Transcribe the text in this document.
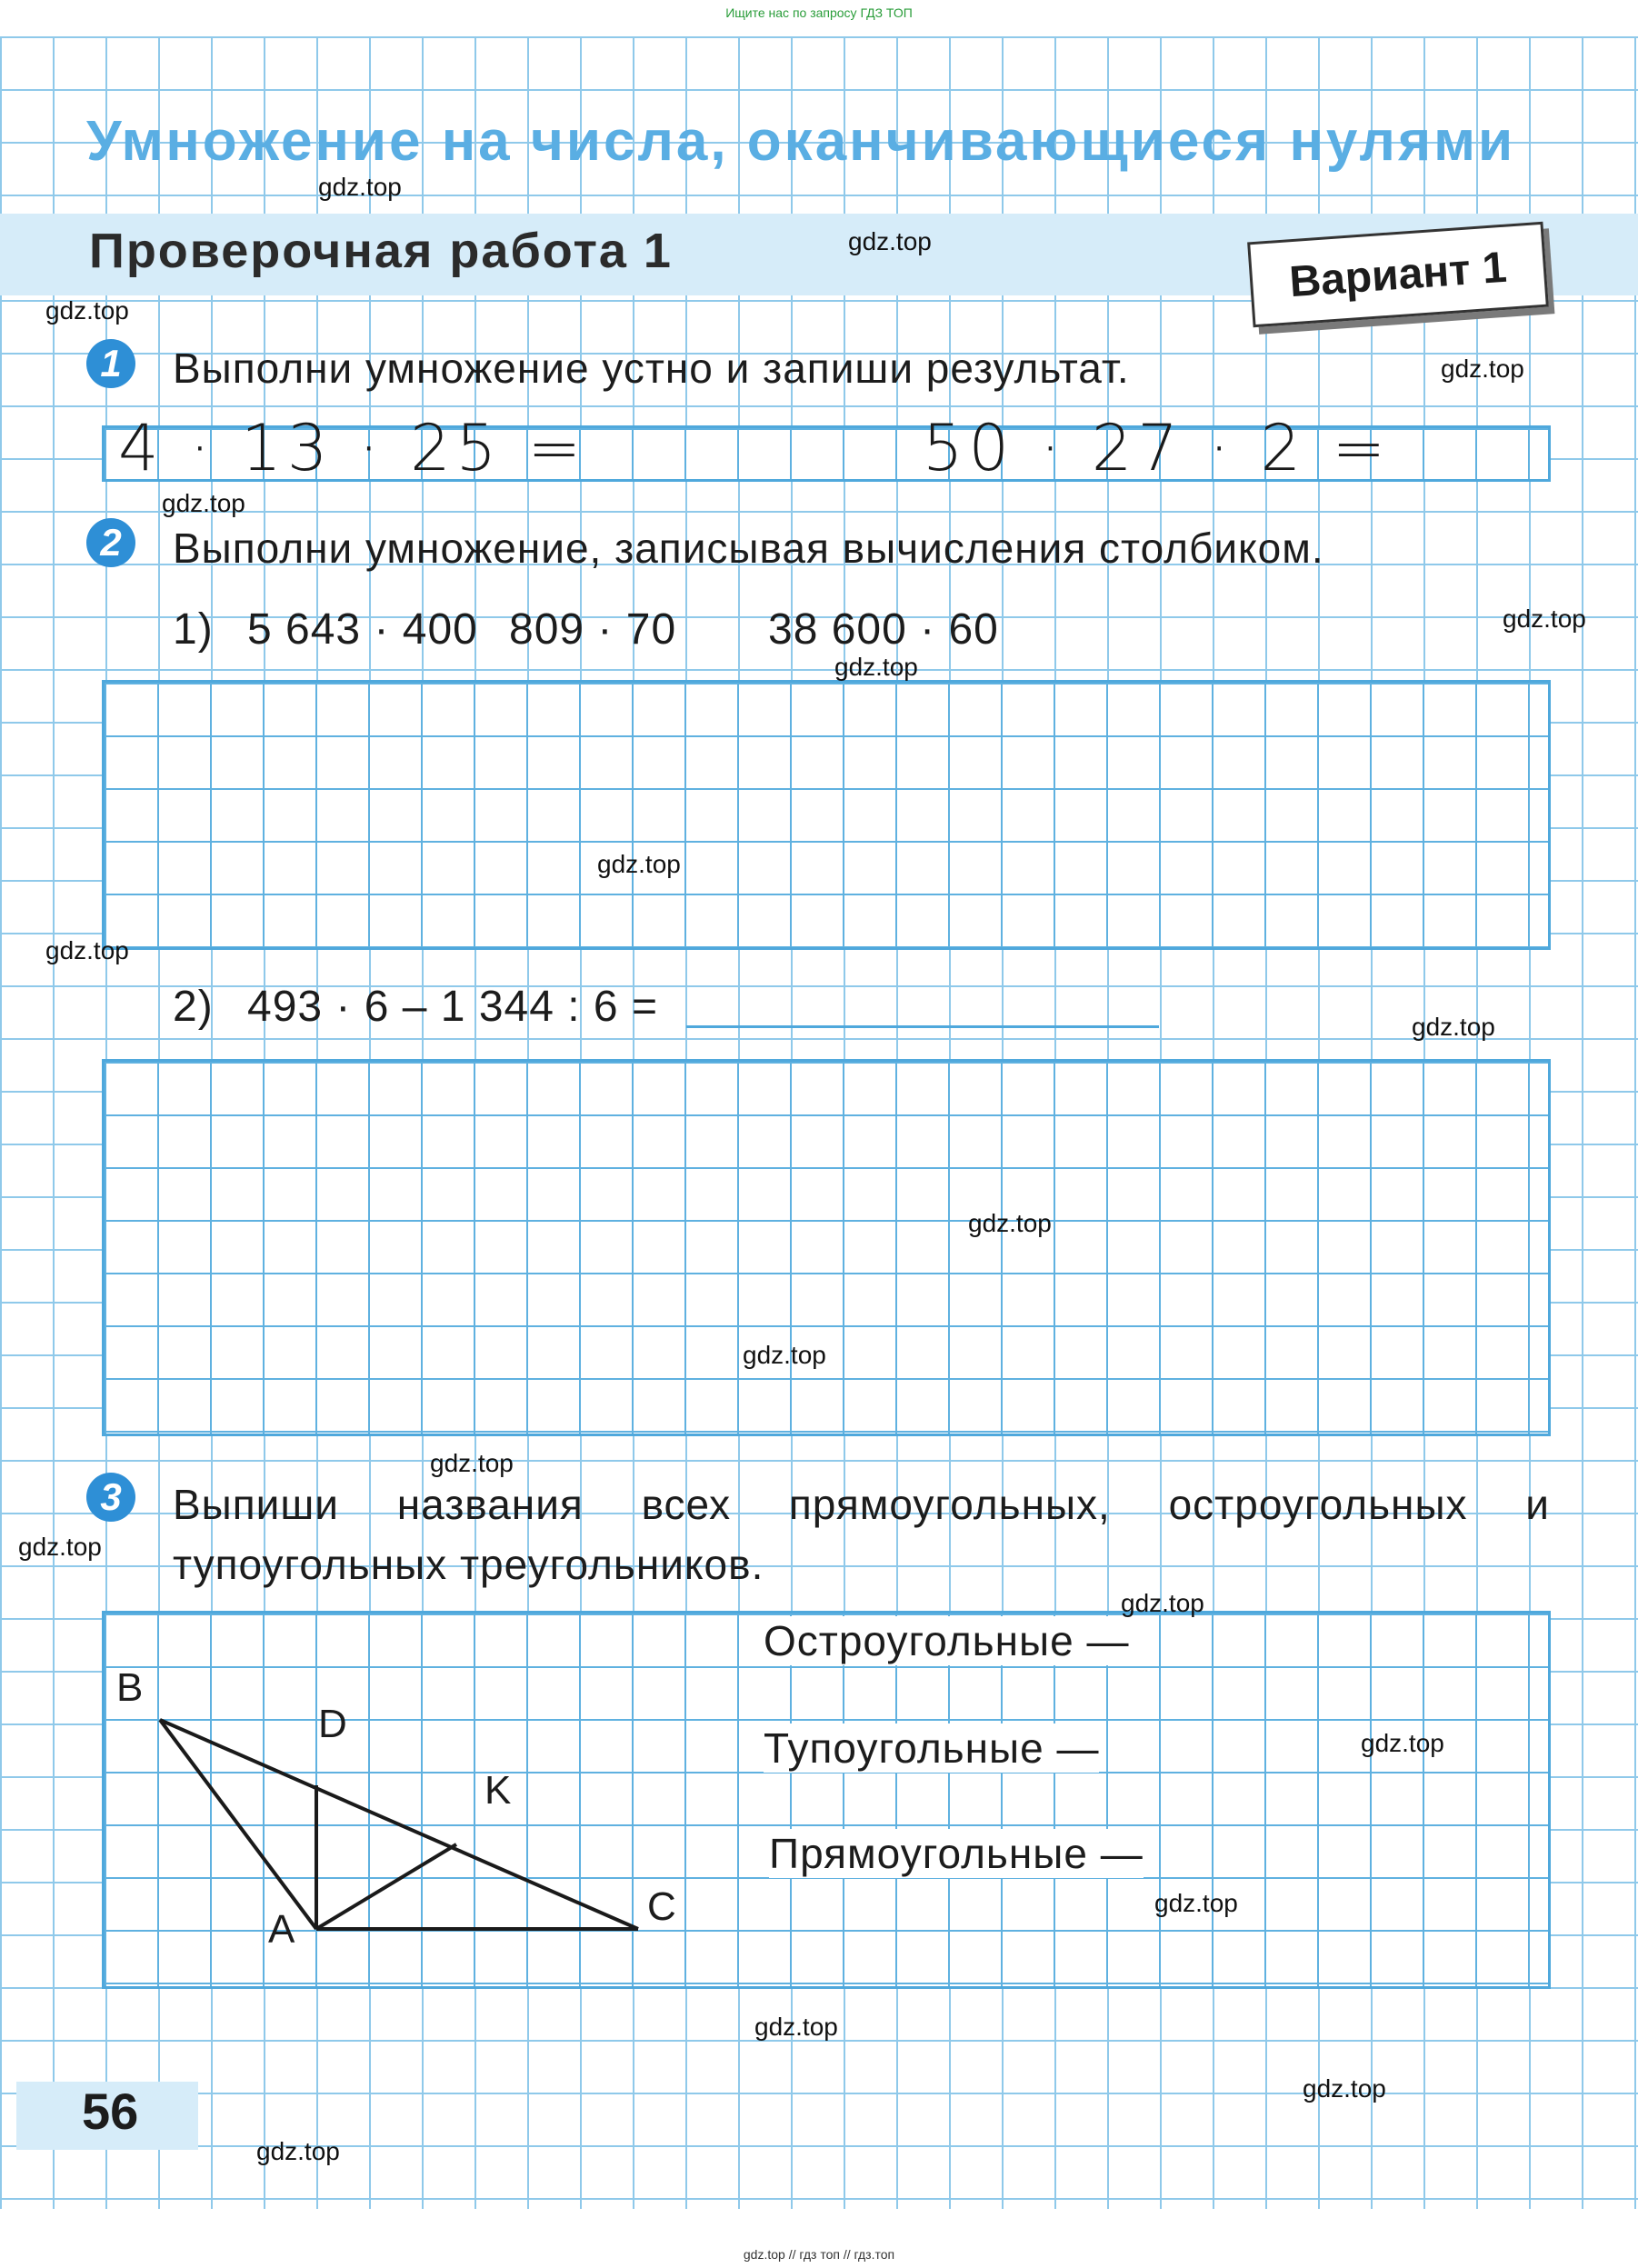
Ищите нас по запросу ГДЗ ТОП
Умножение на числа, оканчивающиеся нулями
Проверочная работа 1	Вариант 1
1	Выполни умножение устно и запиши результат.
4 · 13 · 25 =	50 · 27 · 2 =
2	Выполни умножение, записывая вычисления столбиком.
1) 5 643 · 400 809 · 70 38 600 · 60
2) 493 · 6 – 1 344 : 6 =
3	Выпиши названия всех прямоугольных, остроугольных и
тупоугольных треугольников.
B
D
K
A
C
Остроугольные —
Тупоугольные —
Прямоугольные —
56
gdz.top
gdz.top
gdz.top
gdz.top
gdz.top
gdz.top
gdz.top
gdz.top
gdz.top
gdz.top
gdz.top
gdz.top
gdz.top
gdz.top
gdz.top
gdz.top
gdz.top
gdz.top
gdz.top
gdz.top
gdz.top // гдз топ // гдз.топ
